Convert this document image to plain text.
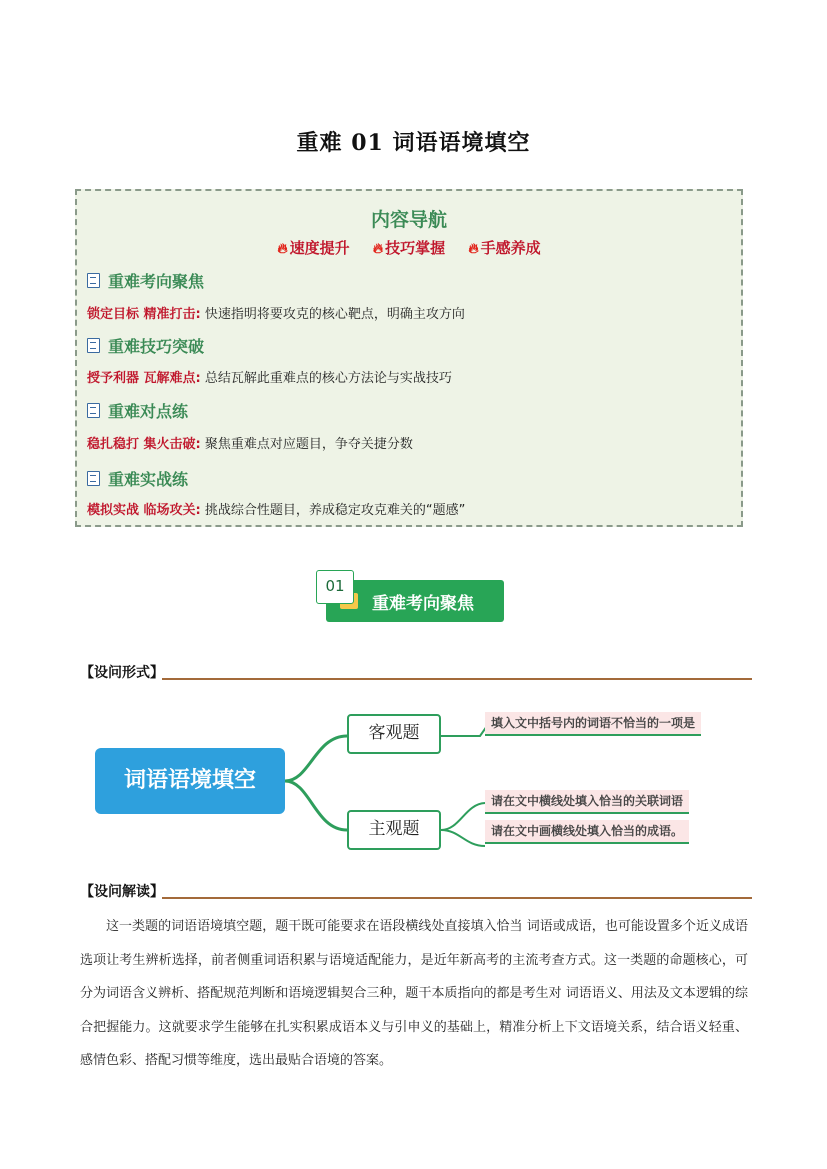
重难 01 词语语境填空
内容导航
🔥︎ 速度提升 🔥︎ 技巧掌握 🔥︎ 手感养成
重难考向聚焦
锁定目标 精准打击: 快速指明将要攻克的核心靶点，明确主攻方向
重难技巧突破
授予利器 瓦解难点: 总结瓦解此重难点的核心方法论与实战技巧
重难对点练
稳扎稳打 集火击破: 聚焦重难点对应题目，争夺关捷分数
重难实战练
模拟实战 临场攻关: 挑战综合性题目，养成稳定攻克难关的“题感”
重难考向聚焦
01
【设问形式】
词语语境填空
客观题
主观题
填入文中括号内的词语不恰当的一项是
请在文中横线处填入恰当的关联词语
请在文中画横线处填入恰当的成语。
【设问解读】
这一类题的词语语境填空题，题干既可能要求在语段横线处直接填入恰当 词语或成语，也可能设置多个近义成语选项让考生辨析选择，前者侧重词语积累与语境适配能力，是近年新高考的主流考查方式。这一类题的命题核心，可分为词语含义辨析、搭配规范判断和语境逻辑契合三种，题干本质指向的都是考生对 词语语义、用法及文本逻辑的综合把握能力。这就要求学生能够在扎实积累成语本义与引申义的基础上，精准分析上下文语境关系，结合语义轻重、感情色彩、搭配习惯等维度，选出最贴合语境的答案。
